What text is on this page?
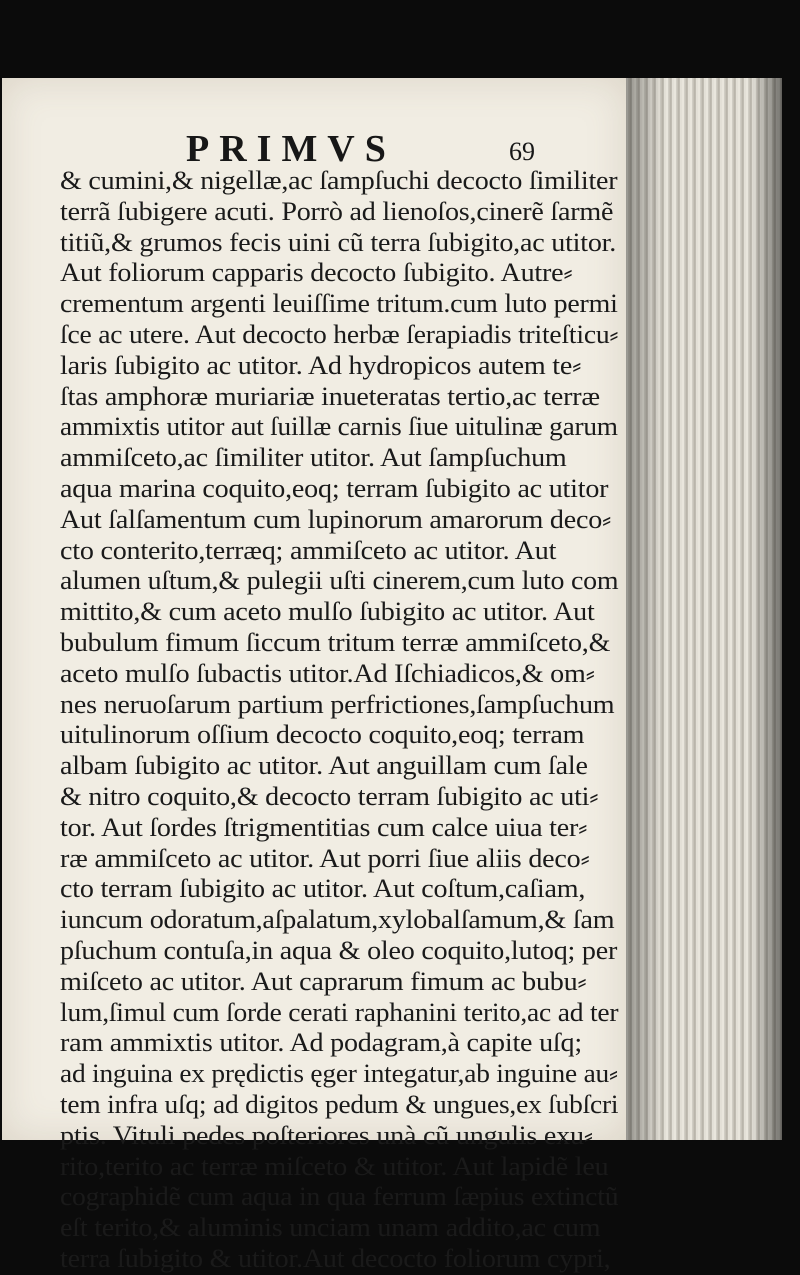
PRIMVS	69
& cumini,& nigellæ,ac ſampſuchi decocto ſimiliter
terrã ſubigere acuti. Porrò ad lienoſos,cinerẽ ſarmẽ
titiũ,& grumos fecis uini cũ terra ſubigito,ac utitor.
Aut foliorum capparis decocto ſubigito. Autre⸗
crementum argenti leuiſſime tritum.cum luto permi
ſce ac utere. Aut decocto herbæ ſerapiadis triteſticu⸗
laris ſubigito ac utitor. Ad hydropicos autem te⸗
ſtas amphoræ muriariæ inueteratas tertio,ac terræ
ammixtis utitor aut ſuillæ carnis ſiue uitulinæ garum
ammiſceto,ac ſimiliter utitor. Aut ſampſuchum
aqua marina coquito,eoq; terram ſubigito ac utitor
Aut ſalſamentum cum lupinorum amarorum deco⸗
cto conterito,terræq; ammiſceto ac utitor. Aut
alumen uſtum,& pulegii uſti cinerem,cum luto com
mittito,& cum aceto mulſo ſubigito ac utitor. Aut
bubulum fimum ſiccum tritum terræ ammiſceto,&
aceto mulſo ſubactis utitor.Ad Iſchiadicos,& om⸗
nes neruoſarum partium perfrictiones,ſampſuchum
uitulinorum oſſium decocto coquito,eoq; terram
albam ſubigito ac utitor. Aut anguillam cum ſale
& nitro coquito,& decocto terram ſubigito ac uti⸗
tor. Aut ſordes ſtrigmentitias cum calce uiua ter⸗
ræ ammiſceto ac utitor. Aut porri ſiue aliis deco⸗
cto terram ſubigito ac utitor. Aut coſtum,caſiam,
iuncum odoratum,aſpalatum,xylobalſamum,& ſam
pſuchum contuſa,in aqua & oleo coquito,lutoq; per
miſceto ac utitor. Aut caprarum fimum ac bubu⸗
lum,ſimul cum ſorde cerati raphanini terito,ac ad ter
ram ammixtis utitor. Ad podagram,à capite uſq;
ad inguina ex prędictis ęger integatur,ab inguine au⸗
tem infra uſq; ad digitos pedum & ungues,ex ſubſcri
ptis. Vituli pedes poſteriores unà cũ ungulis exu⸗
rito,terito ac terræ miſceto & utitor. Aut lapidẽ leu
cographidẽ cum aqua in qua ferrum ſæpius extinctũ
eſt terito,& aluminis unciam unam addito,ac cum
terra ſubigito & utitor.Aut decocto foliorum cypri,
